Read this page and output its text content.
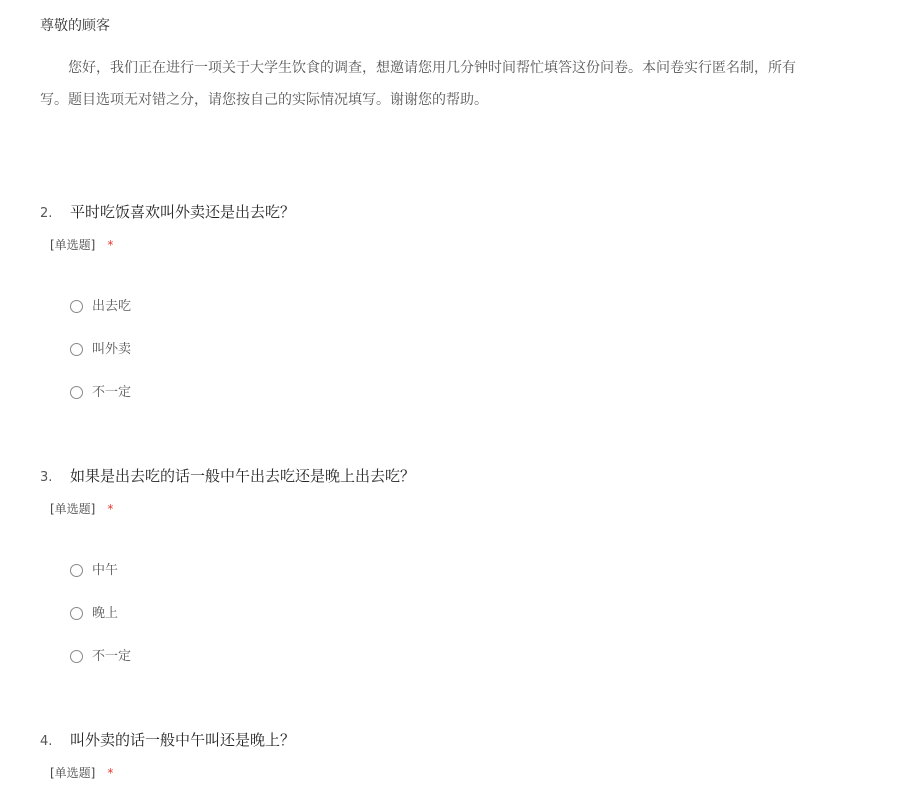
尊敬的顾客
您好，我们正在进行一项关于大学生饮食的调查，想邀请您用几分钟时间帮忙填答这份问卷。本问卷实行匿名制，所有
写。题目选项无对错之分，请您按自己的实际情况填写。谢谢您的帮助。
2. 平时吃饭喜欢叫外卖还是出去吃？
[单选题] *
出去吃
叫外卖
不一定
3. 如果是出去吃的话一般中午出去吃还是晚上出去吃？
[单选题] *
中午
晚上
不一定
4. 叫外卖的话一般中午叫还是晚上？
[单选题] *
